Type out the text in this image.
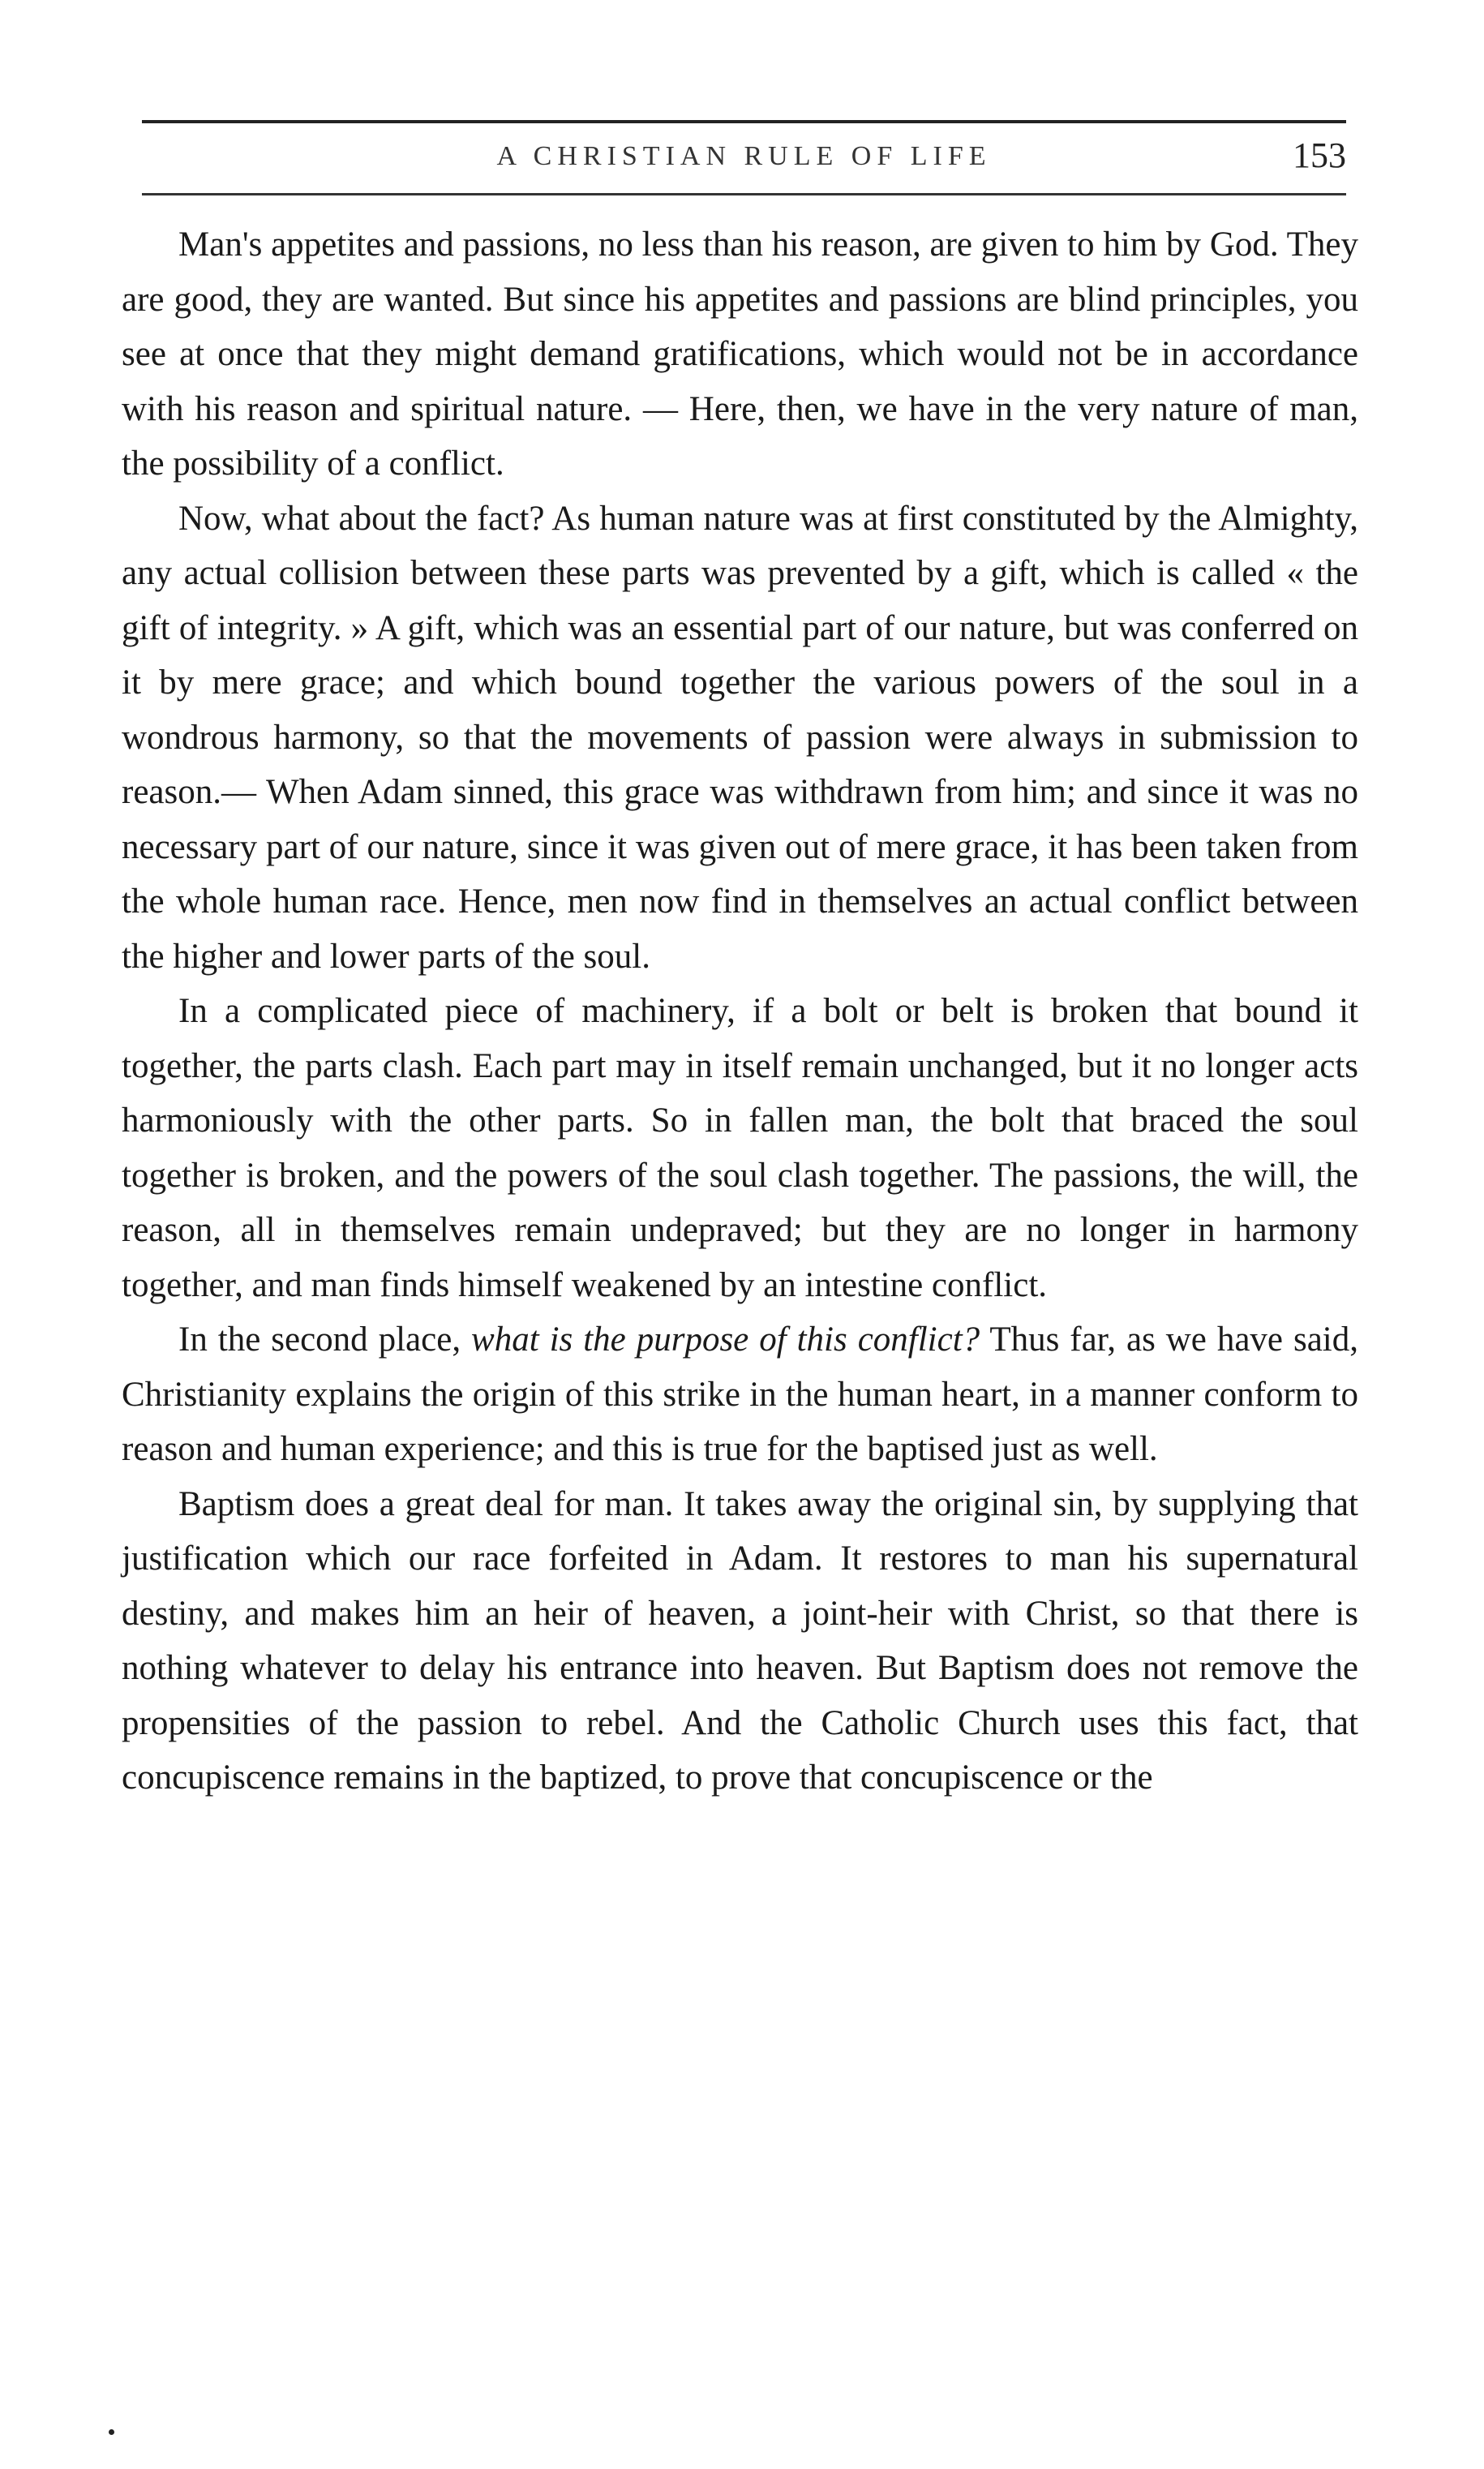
A CHRISTIAN RULE OF LIFE	153

Man's appetites and passions, no less than his reason, are given to him by God. They are good, they are wanted. But since his appetites and passions are blind principles, you see at once that they might demand gratifications, which would not be in accordance with his reason and spiritual nature. — Here, then, we have in the very nature of man, the possibility of a conflict.

Now, what about the fact? As human nature was at first constituted by the Almighty, any actual collision between these parts was prevented by a gift, which is called « the gift of integrity. » A gift, which was an essential part of our nature, but was conferred on it by mere grace; and which bound together the various powers of the soul in a wondrous harmony, so that the movements of passion were always in submission to reason.— When Adam sinned, this grace was withdrawn from him; and since it was no necessary part of our nature, since it was given out of mere grace, it has been taken from the whole human race. Hence, men now find in themselves an actual conflict between the higher and lower parts of the soul.

In a complicated piece of machinery, if a bolt or belt is broken that bound it together, the parts clash. Each part may in itself remain unchanged, but it no longer acts harmoniously with the other parts. So in fallen man, the bolt that braced the soul together is broken, and the powers of the soul clash together. The passions, the will, the reason, all in themselves remain undepraved; but they are no longer in harmony together, and man finds himself weakened by an intestine conflict.

In the second place, what is the purpose of this conflict? Thus far, as we have said, Christianity explains the origin of this strike in the human heart, in a manner conform to reason and human experience; and this is true for the baptised just as well.

Baptism does a great deal for man. It takes away the original sin, by supplying that justification which our race forfeited in Adam. It restores to man his supernatural destiny, and makes him an heir of heaven, a joint-heir with Christ, so that there is nothing whatever to delay his entrance into heaven. But Baptism does not remove the propensities of the passion to rebel. And the Catholic Church uses this fact, that concupiscence remains in the baptized, to prove that concupiscence or the
